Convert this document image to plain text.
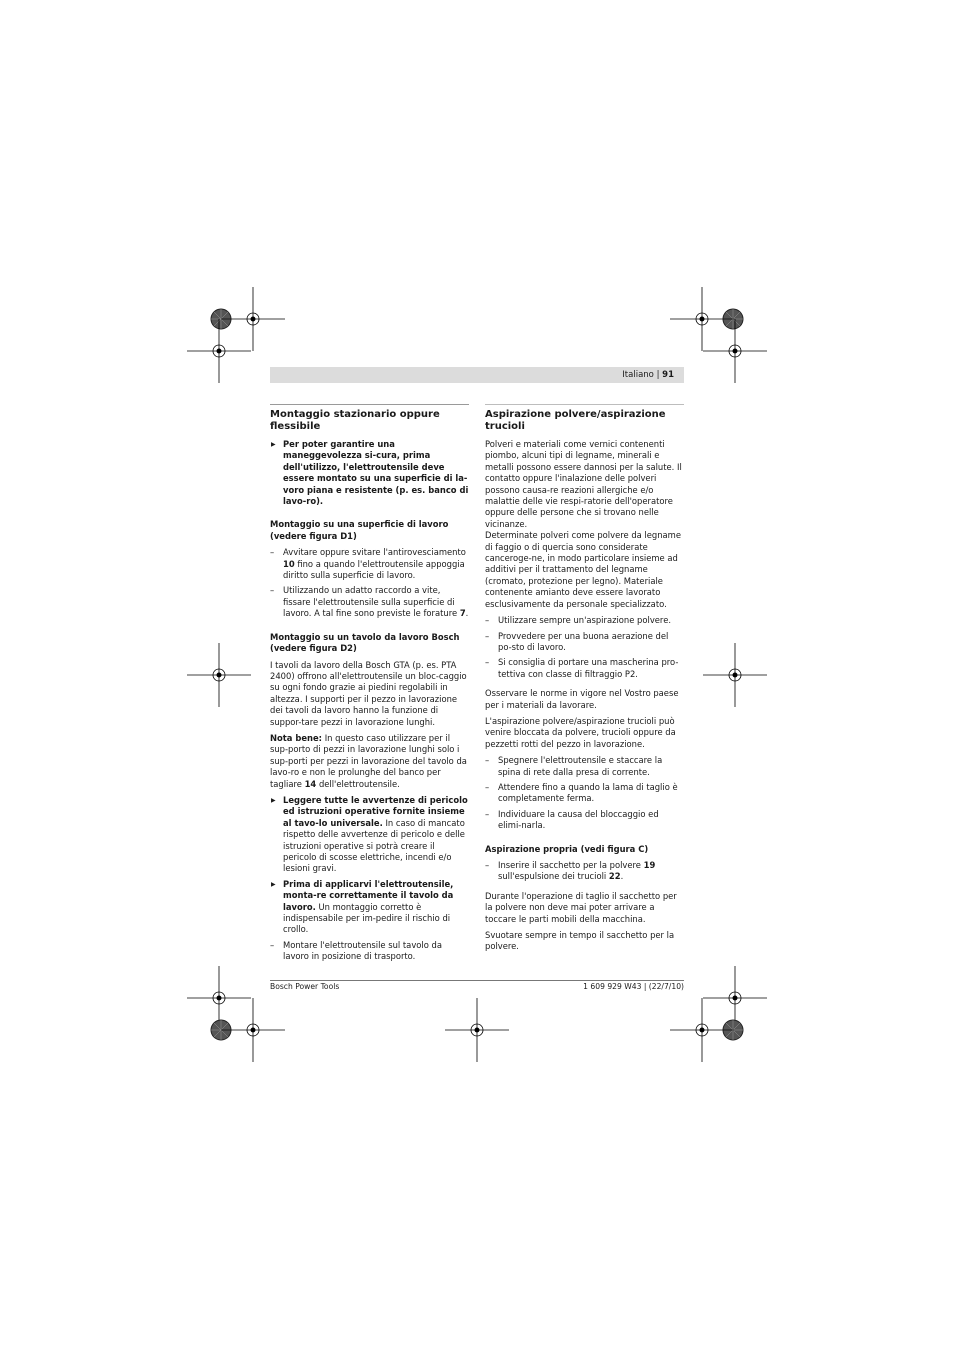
Italiano | 91
Montaggio stazionario oppure flessibile
▶ Per poter garantire una maneggevolezza si-cura, prima dell'utilizzo, l'elettroutensile deve essere montato su una superficie di la-voro piana e resistente (p. es. banco di lavo-ro).
Montaggio su una superficie di lavoro (vedere figura D1)
– Avvitare oppure svitare l'antirovesciamento 10 fino a quando l'elettroutensile appoggia diritto sulla superficie di lavoro.
– Utilizzando un adatto raccordo a vite, fissare l'elettroutensile sulla superficie di lavoro. A tal fine sono previste le forature 7.
Montaggio su un tavolo da lavoro Bosch (vedere figura D2)

I tavoli da lavoro della Bosch GTA (p. es. PTA 2400) offrono all'elettroutensile un bloc-caggio su ogni fondo grazie ai piedini regolabili in altezza. I supporti per il pezzo in lavorazione dei tavoli da lavoro hanno la funzione di suppor-tare pezzi in lavorazione lunghi.

Nota bene: In questo caso utilizzare per il sup-porto di pezzi in lavorazione lunghi solo i sup-porti per pezzi in lavorazione del tavolo da lavo-ro e non le prolunghe del banco per tagliare 14 dell'elettroutensile.

▶ Leggere tutte le avvertenze di pericolo ed istruzioni operative fornite insieme al tavo-lo universale. In caso di mancato rispetto delle avvertenze di pericolo e delle istruzioni operative si potrà creare il pericolo di scosse elettriche, incendi e/o lesioni gravi.
▶ Prima di applicarvi l'elettroutensile, monta-re correttamente il tavolo da lavoro. Un montaggio corretto è indispensabile per im-pedire il rischio di crollo.
– Montare l'elettroutensile sul tavolo da lavoro in posizione di trasporto.
Aspirazione polvere/aspirazione trucioli

Polveri e materiali come vernici contenenti piombo, alcuni tipi di legname, minerali e metalli possono essere dannosi per la salute. Il contatto oppure l'inalazione delle polveri possono causa-re reazioni allergiche e/o malattie delle vie respi-ratorie dell'operatore oppure delle persone che si trovano nelle vicinanze.

Determinate polveri come polvere da legname di faggio o di quercia sono considerate canceroge-ne, in modo particolare insieme ad additivi per il trattamento del legname (cromato, protezione per legno). Materiale contenente amianto deve essere lavorato esclusivamente da personale specializzato.

– Utilizzare sempre un'aspirazione polvere.
– Provvedere per una buona aerazione del po-sto di lavoro.
– Si consiglia di portare una mascherina pro-tettiva con classe di filtraggio P2.

Osservare le norme in vigore nel Vostro paese per i materiali da lavorare.

L'aspirazione polvere/aspirazione trucioli può venire bloccata da polvere, trucioli oppure da pezzetti rotti del pezzo in lavorazione.

– Spegnere l'elettroutensile e staccare la spina di rete dalla presa di corrente.
– Attendere fino a quando la lama di taglio è completamente ferma.
– Individuare la causa del bloccaggio ed elimi-narla.
Aspirazione propria (vedi figura C)
– Inserire il sacchetto per la polvere 19 sull'espulsione dei trucioli 22.

Durante l'operazione di taglio il sacchetto per la polvere non deve mai poter arrivare a toccare le parti mobili della macchina.

Svuotare sempre in tempo il sacchetto per la polvere.

Bosch Power Tools	1 609 929 W43 | (22/7/10)
